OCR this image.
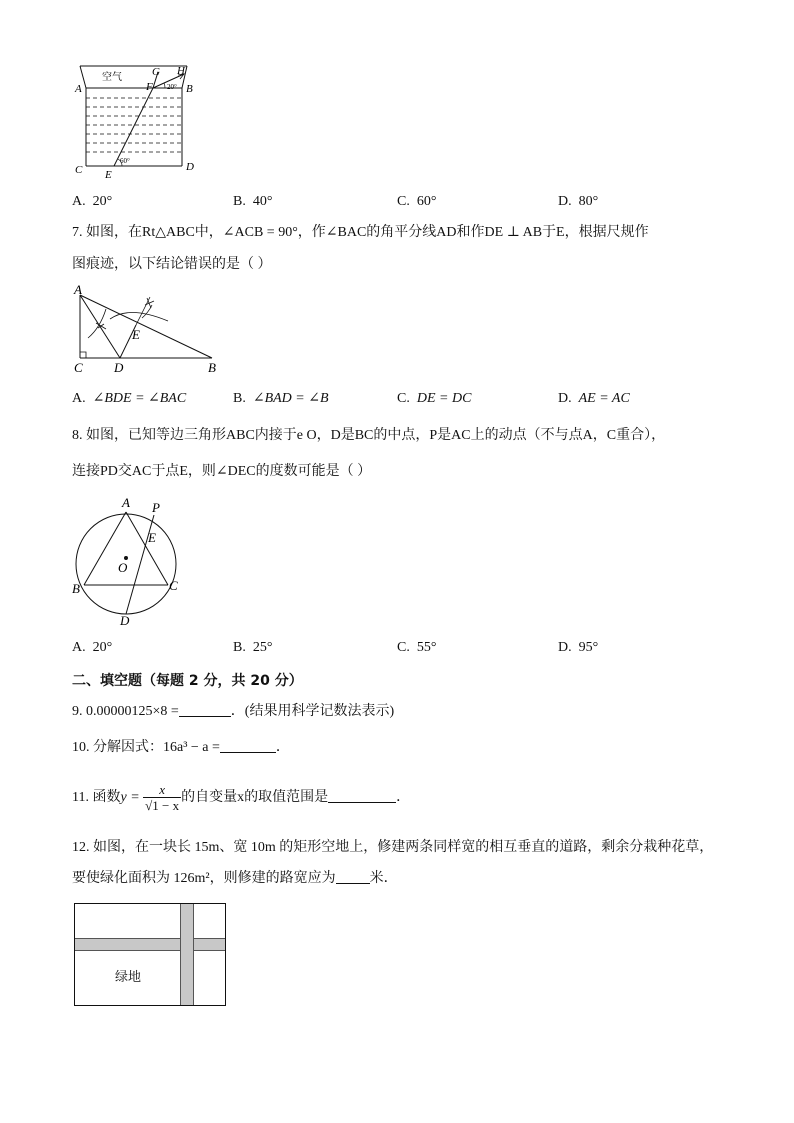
空气
A	B
C	D
E
F
G H
20°
60°
A. 20°	B. 40°	C. 60°	D. 80°
7. 如图，在Rt△ABC中，∠ACB = 90°，作∠BAC的角平分线AD和作DE ⊥ AB于E，根据尺规作
图痕迹，以下结论错误的是（ ）
A
C D	B
E
A. ∠BDE = ∠BAC	B. ∠BAD = ∠B	C. DE = DC	D. AE = AC
8. 如图，已知等边三角形ABC内接于e O，D是BC的中点，P是AC上的动点（不与点A，C重合），
连接PD交AC于点E，则∠DEC的度数可能是（ ）
A P
E
O
B	C
D
A. 20°	B. 25°	C. 55°	D. 95°
二、填空题（每题 2 分，共 20 分）
9. 0.00000125×8 =	．(结果用科学记数法表示)
10. 分解因式：16a³ − a =	．
11. 函数$y = \frac{x}{√1 - x}$ 的自变量x的取值范围是	．
12. 如图，在一块长 15m、宽 10m 的矩形空地上，修建两条同样宽的相互垂直的道路，剩余分栽种花草，
要使绿化面积为 126m²，则修建的路宽应为 米．
绿地
